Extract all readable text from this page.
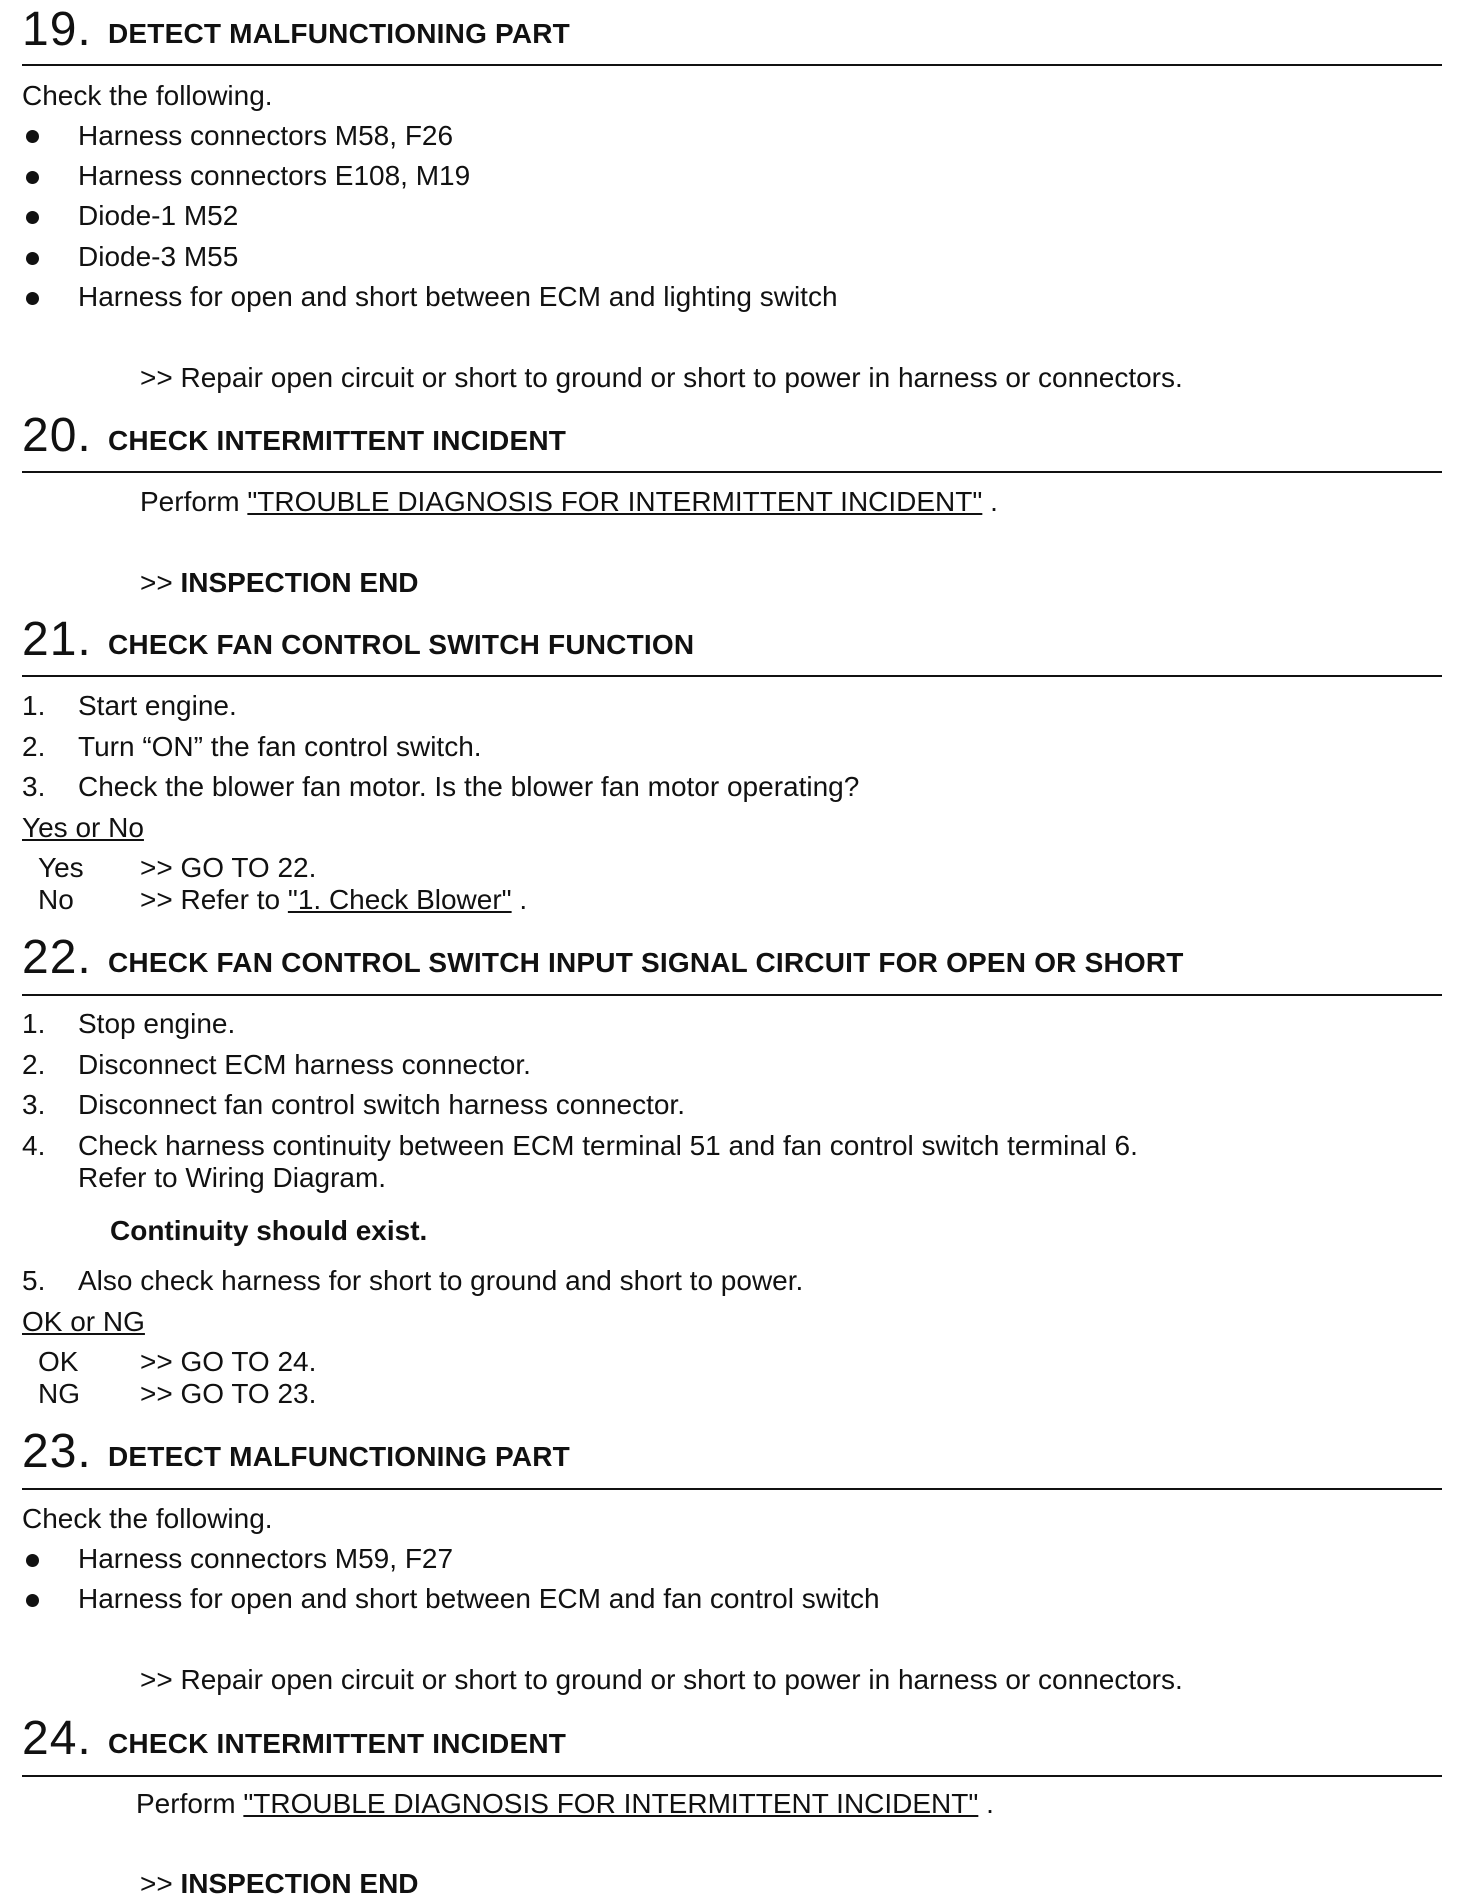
19. DETECT MALFUNCTIONING PART
Check the following.
Harness connectors M58, F26
Harness connectors E108, M19
Diode-1 M52
Diode-3 M55
Harness for open and short between ECM and lighting switch
>> Repair open circuit or short to ground or short to power in harness or connectors.
20. CHECK INTERMITTENT INCIDENT
Perform "TROUBLE DIAGNOSIS FOR INTERMITTENT INCIDENT" .
>> INSPECTION END
21. CHECK FAN CONTROL SWITCH FUNCTION
1. Start engine.
2. Turn “ON” the fan control switch.
3. Check the blower fan motor. Is the blower fan motor operating?
Yes or No
Yes >> GO TO 22.
No >> Refer to "1. Check Blower" .
22. CHECK FAN CONTROL SWITCH INPUT SIGNAL CIRCUIT FOR OPEN OR SHORT
1. Stop engine.
2. Disconnect ECM harness connector.
3. Disconnect fan control switch harness connector.
4. Check harness continuity between ECM terminal 51 and fan control switch terminal 6.
Refer to Wiring Diagram.
Continuity should exist.
5. Also check harness for short to ground and short to power.
OK or NG
OK >> GO TO 24.
NG >> GO TO 23.
23. DETECT MALFUNCTIONING PART
Check the following.
Harness connectors M59, F27
Harness for open and short between ECM and fan control switch
>> Repair open circuit or short to ground or short to power in harness or connectors.
24. CHECK INTERMITTENT INCIDENT
Perform "TROUBLE DIAGNOSIS FOR INTERMITTENT INCIDENT" .
>> INSPECTION END
